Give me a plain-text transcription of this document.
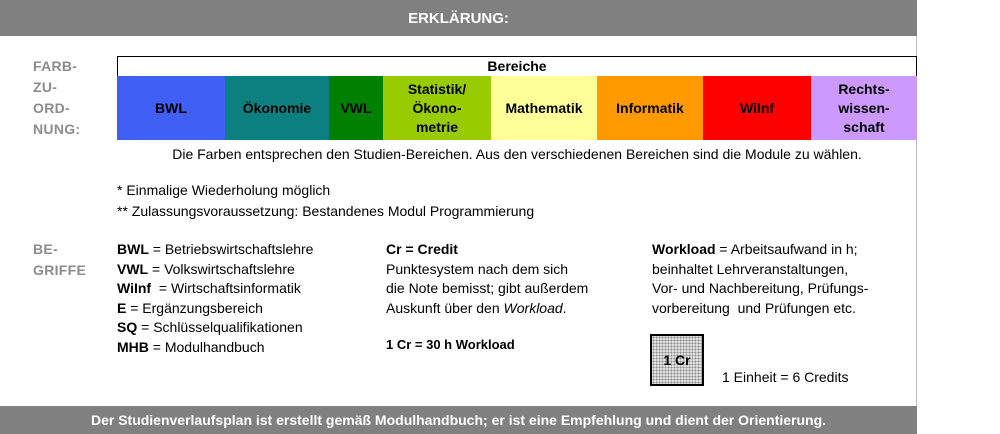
ERKLÄRUNG:
FARB-
ZU-
ORD-
NUNG:
Bereiche
BWL	Ökonomie VWL
Statistik/
Ökono-
metrie
Mathematik Informatik	WiInf
Rechts-
wissen-
schaft
Die Farben entsprechen den Studien-Bereichen. Aus den verschiedenen Bereichen sind die Module zu wählen.
* Einmalige Wiederholung möglich
** Zulassungsvoraussetzung: Bestandenes Modul Programmierung
BE-
GRIFFE
BWL = Betriebswirtschaftslehre
VWL = Volkswirtschaftslehre
WiInf  = Wirtschaftsinformatik
E = Ergänzungsbereich
SQ = Schlüsselqualifikationen
MHB = Modulhandbuch
Cr = Credit
Punktesystem nach dem sich
die Note bemisst; gibt außerdem
Auskunft über den Workload.
1 Cr = 30 h Workload
Workload = Arbeitsaufwand in h;
beinhaltet Lehrveranstaltungen,
Vor- und Nachbereitung, Prüfungs-
vorbereitung  und Prüfungen etc.
1 Cr
1 Einheit = 6 Credits
Der Studienverlaufsplan ist erstellt gemäß Modulhandbuch; er ist eine Empfehlung und dient der Orientierung.
